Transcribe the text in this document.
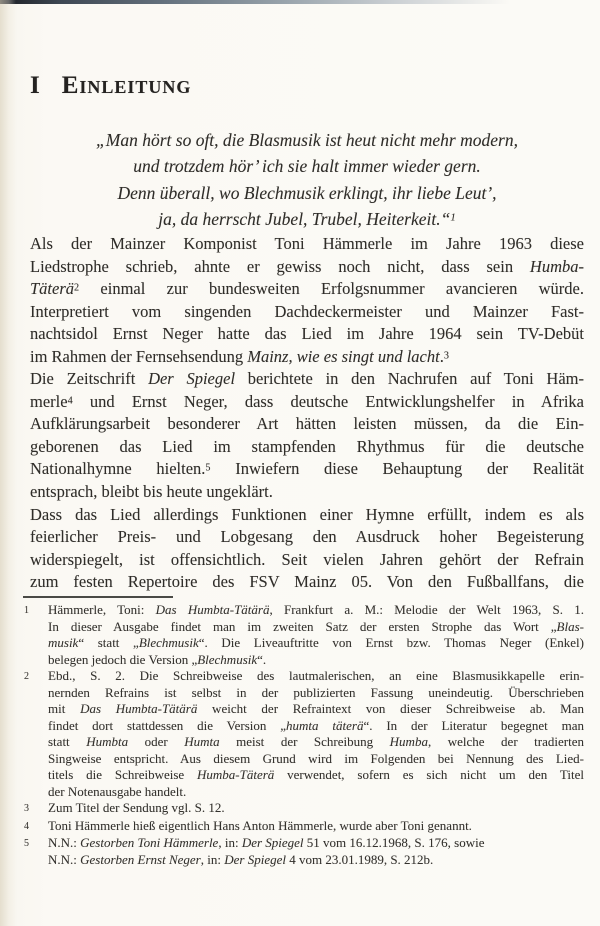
I Einleitung
„Man hört so oft, die Blasmusik ist heut nicht mehr modern,
und trotzdem hör’ ich sie halt immer wieder gern.
Denn überall, wo Blechmusik erklingt, ihr liebe Leut’,
ja, da herrscht Jubel, Trubel, Heiterkeit.“$^1$
Als der Mainzer Komponist Toni Hämmerle im Jahre 1963 diese
Liedstrophe schrieb, ahnte er gewiss noch nicht, dass sein Humba-
Täterä$^2$ einmal zur bundesweiten Erfolgsnummer avancieren würde.
Interpretiert vom singenden Dachdeckermeister und Mainzer Fast-
nachtsidol Ernst Neger hatte das Lied im Jahre 1964 sein TV-Debüt
im Rahmen der Fernsehsendung Mainz, wie es singt und lacht.$^3$
Die Zeitschrift Der Spiegel berichtete in den Nachrufen auf Toni Häm-
merle$^4$ und Ernst Neger, dass deutsche Entwicklungshelfer in Afrika
Aufklärungsarbeit besonderer Art hätten leisten müssen, da die Ein-
geborenen das Lied im stampfenden Rhythmus für die deutsche
Nationalhymne hielten.$^5$ Inwiefern diese Behauptung der Realität
entsprach, bleibt bis heute ungeklärt.
Dass das Lied allerdings Funktionen einer Hymne erfüllt, indem es als
feierlicher Preis- und Lobgesang den Ausdruck hoher Begeisterung
widerspiegelt, ist offensichtlich. Seit vielen Jahren gehört der Refrain
zum festen Repertoire des FSV Mainz 05. Von den Fußballfans, die
1	Hämmerle, Toni: Das Humbta-Tätärä, Frankfurt a. M.: Melodie der Welt 1963, S. 1.
In dieser Ausgabe findet man im zweiten Satz der ersten Strophe das Wort „Blas-
musik“ statt „Blechmusik“. Die Liveauftritte von Ernst bzw. Thomas Neger (Enkel)
belegen jedoch die Version „Blechmusik“.
2	Ebd., S. 2. Die Schreibweise des lautmalerischen, an eine Blasmusikkapelle erin-
nernden Refrains ist selbst in der publizierten Fassung uneindeutig. Überschrieben
mit Das Humbta-Tätärä weicht der Refraintext von dieser Schreibweise ab. Man
findet dort stattdessen die Version „humta täterä“. In der Literatur begegnet man
statt Humbta oder Humta meist der Schreibung Humba, welche der tradierten
Singweise entspricht. Aus diesem Grund wird im Folgenden bei Nennung des Lied-
titels die Schreibweise Humba-Täterä verwendet, sofern es sich nicht um den Titel
der Notenausgabe handelt.
3	Zum Titel der Sendung vgl. S. 12.
4	Toni Hämmerle hieß eigentlich Hans Anton Hämmerle, wurde aber Toni genannt.
5	N.N.: Gestorben Toni Hämmerle, in: Der Spiegel 51 vom 16.12.1968, S. 176, sowie
N.N.: Gestorben Ernst Neger, in: Der Spiegel 4 vom 23.01.1989, S. 212b.
